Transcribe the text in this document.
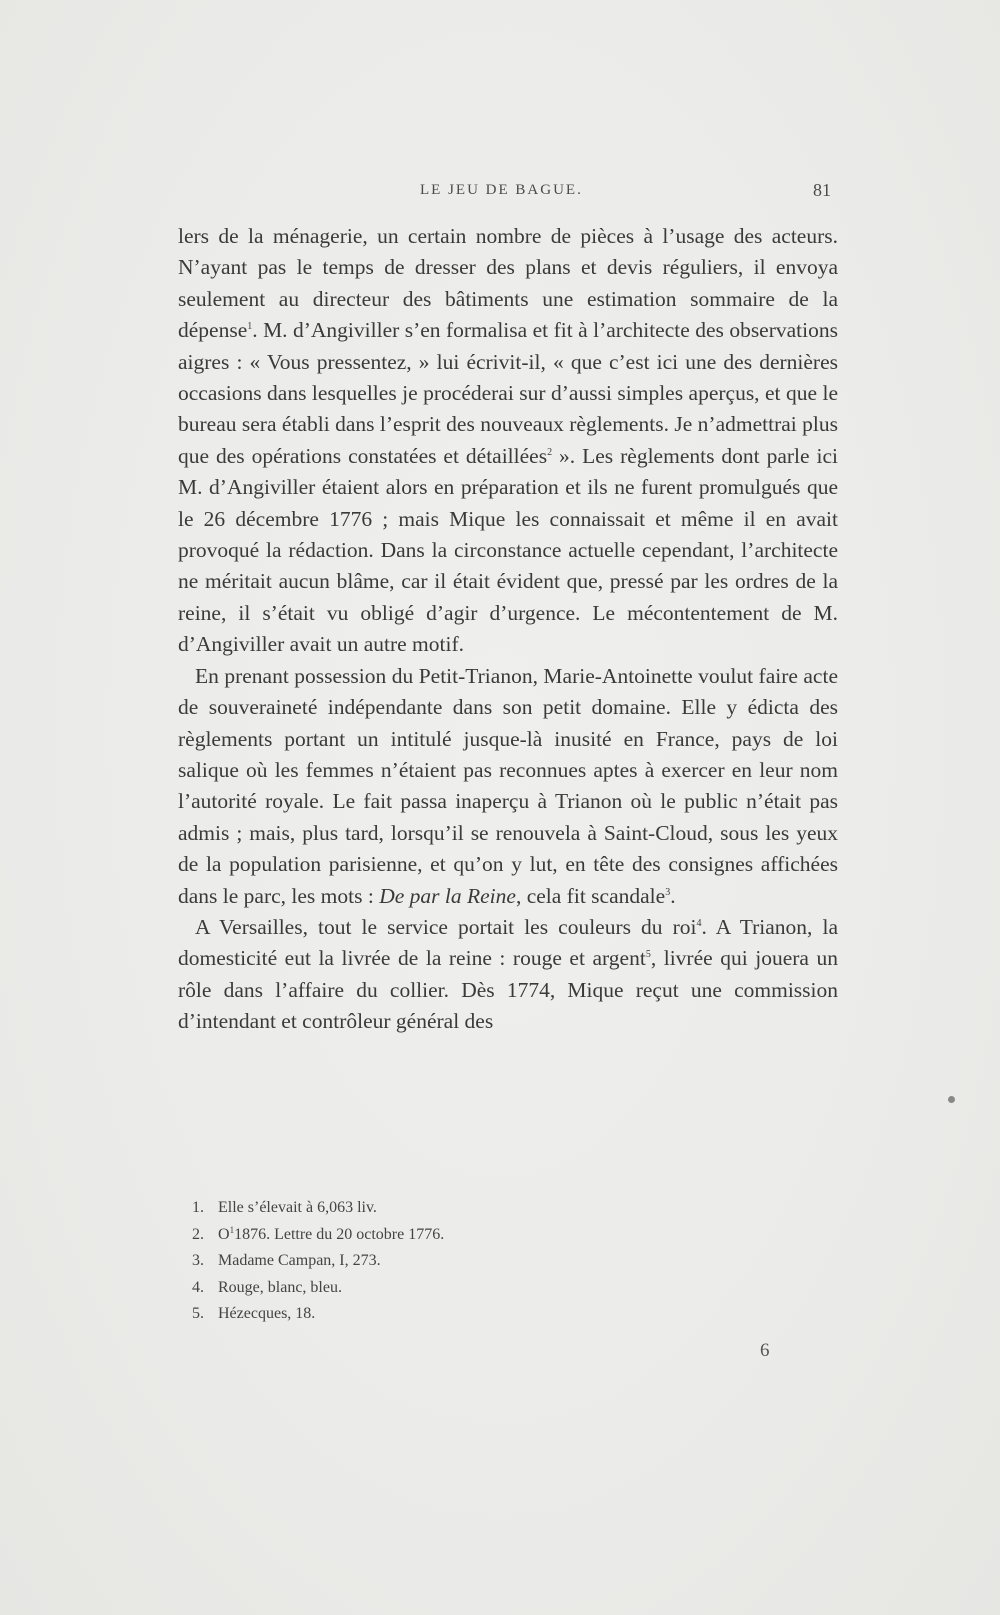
LE JEU DE BAGUE.	81

lers de la ménagerie, un certain nombre de pièces à l’usage des acteurs. N’ayant pas le temps de dresser des plans et devis réguliers, il envoya seulement au directeur des bâtiments une estimation sommaire de la dépense$^1$. M. d’Angiviller s’en formalisa et fit à l’architecte des observations aigres : « Vous pressentez, » lui écrivit-il, « que c’est ici une des dernières occasions dans lesquelles je procéderai sur d’aussi simples aperçus, et que le bureau sera établi dans l’esprit des nouveaux règlements. Je n’admettrai plus que des opérations constatées et détaillées$^2$ ». Les règlements dont parle ici M. d’Angiviller étaient alors en préparation et ils ne furent promulgués que le 26 décembre 1776 ; mais Mique les connaissait et même il en avait provoqué la rédaction. Dans la circonstance actuelle cependant, l’architecte ne méritait aucun blâme, car il était évident que, pressé par les ordres de la reine, il s’était vu obligé d’agir d’urgence. Le mécontentement de M. d’Angiviller avait un autre motif.

En prenant possession du Petit-Trianon, Marie-Antoinette voulut faire acte de souveraineté indépendante dans son petit domaine. Elle y édicta des règlements portant un intitulé jusque-là inusité en France, pays de loi salique où les femmes n’étaient pas reconnues aptes à exercer en leur nom l’autorité royale. Le fait passa inaperçu à Trianon où le public n’était pas admis ; mais, plus tard, lorsqu’il se renouvela à Saint-Cloud, sous les yeux de la population parisienne, et qu’on y lut, en tête des consignes affichées dans le parc, les mots : De par la Reine, cela fit scandale$^3$.

A Versailles, tout le service portait les couleurs du roi$^4$. A Trianon, la domesticité eut la livrée de la reine : rouge et argent$^5$, livrée qui jouera un rôle dans l’affaire du collier. Dès 1774, Mique reçut une commission d’intendant et contrôleur général des

1. Elle s’élevait à 6,063 liv.
2. $O^11876$. Lettre du 20 octobre 1776.
3. Madame Campan, I, 273.
4. Rouge, blanc, bleu.
5. Hézecques, 18.
6
